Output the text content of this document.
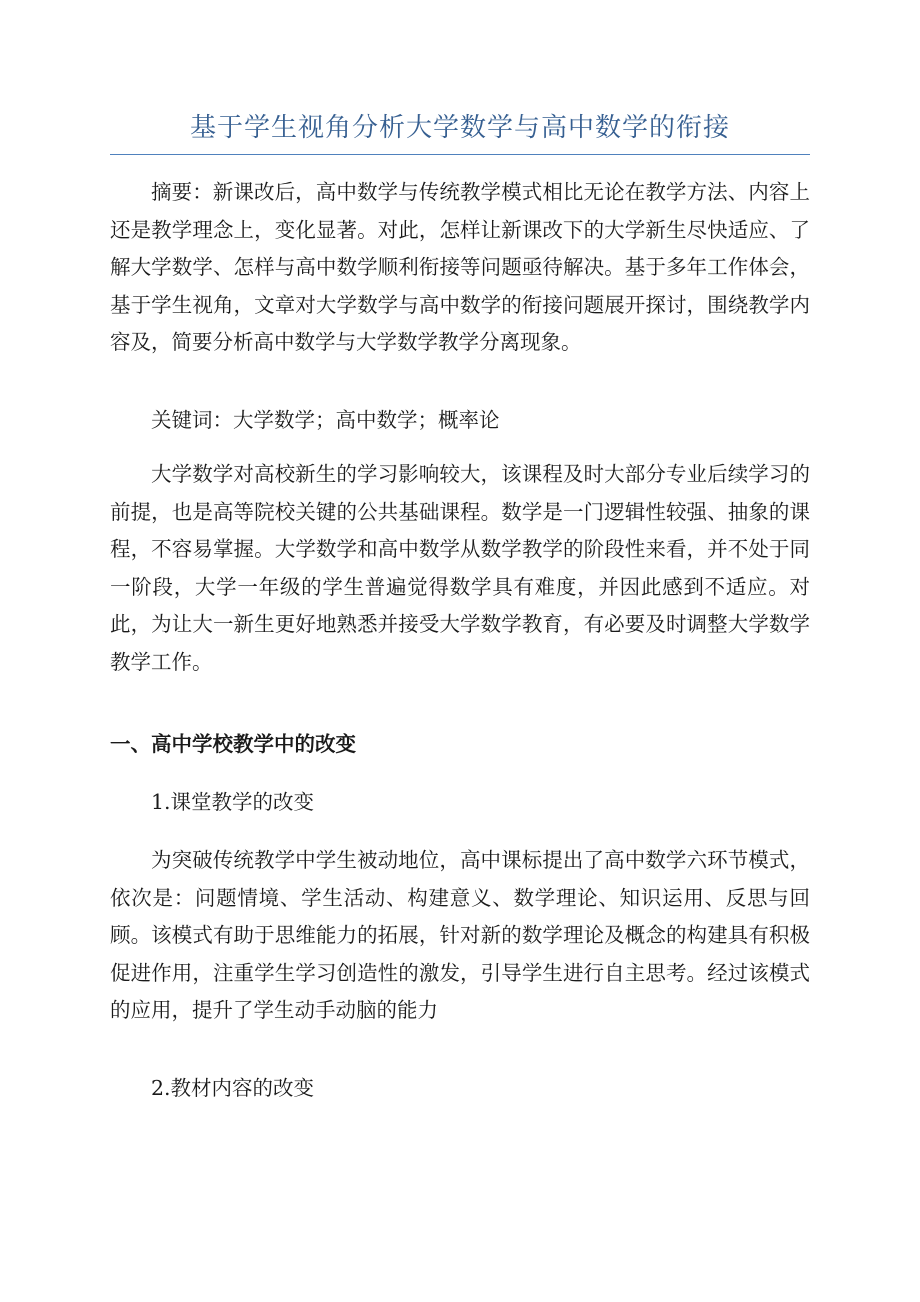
基于学生视角分析大学数学与高中数学的衔接

摘要：新课改后，高中数学与传统教学模式相比无论在教学方法、内容上还是教学理念上，变化显著。对此，怎样让新课改下的大学新生尽快适应、了解大学数学、怎样与高中数学顺利衔接等问题亟待解决。基于多年工作体会，基于学生视角，文章对大学数学与高中数学的衔接问题展开探讨，围绕教学内容及，简要分析高中数学与大学数学教学分离现象。

关键词：大学数学；高中数学；概率论

大学数学对高校新生的学习影响较大，该课程及时大部分专业后续学习的前提，也是高等院校关键的公共基础课程。数学是一门逻辑性较强、抽象的课程，不容易掌握。大学数学和高中数学从数学教学的阶段性来看，并不处于同一阶段，大学一年级的学生普遍觉得数学具有难度，并因此感到不适应。对此，为让大一新生更好地熟悉并接受大学数学教育，有必要及时调整大学数学教学工作。

一、高中学校教学中的改变

1.课堂教学的改变

为突破传统教学中学生被动地位，高中课标提出了高中数学六环节模式，依次是：问题情境、学生活动、构建意义、数学理论、知识运用、反思与回顾。该模式有助于思维能力的拓展，针对新的数学理论及概念的构建具有积极促进作用，注重学生学习创造性的激发，引导学生进行自主思考。经过该模式的应用，提升了学生动手动脑的能力

2.教材内容的改变
